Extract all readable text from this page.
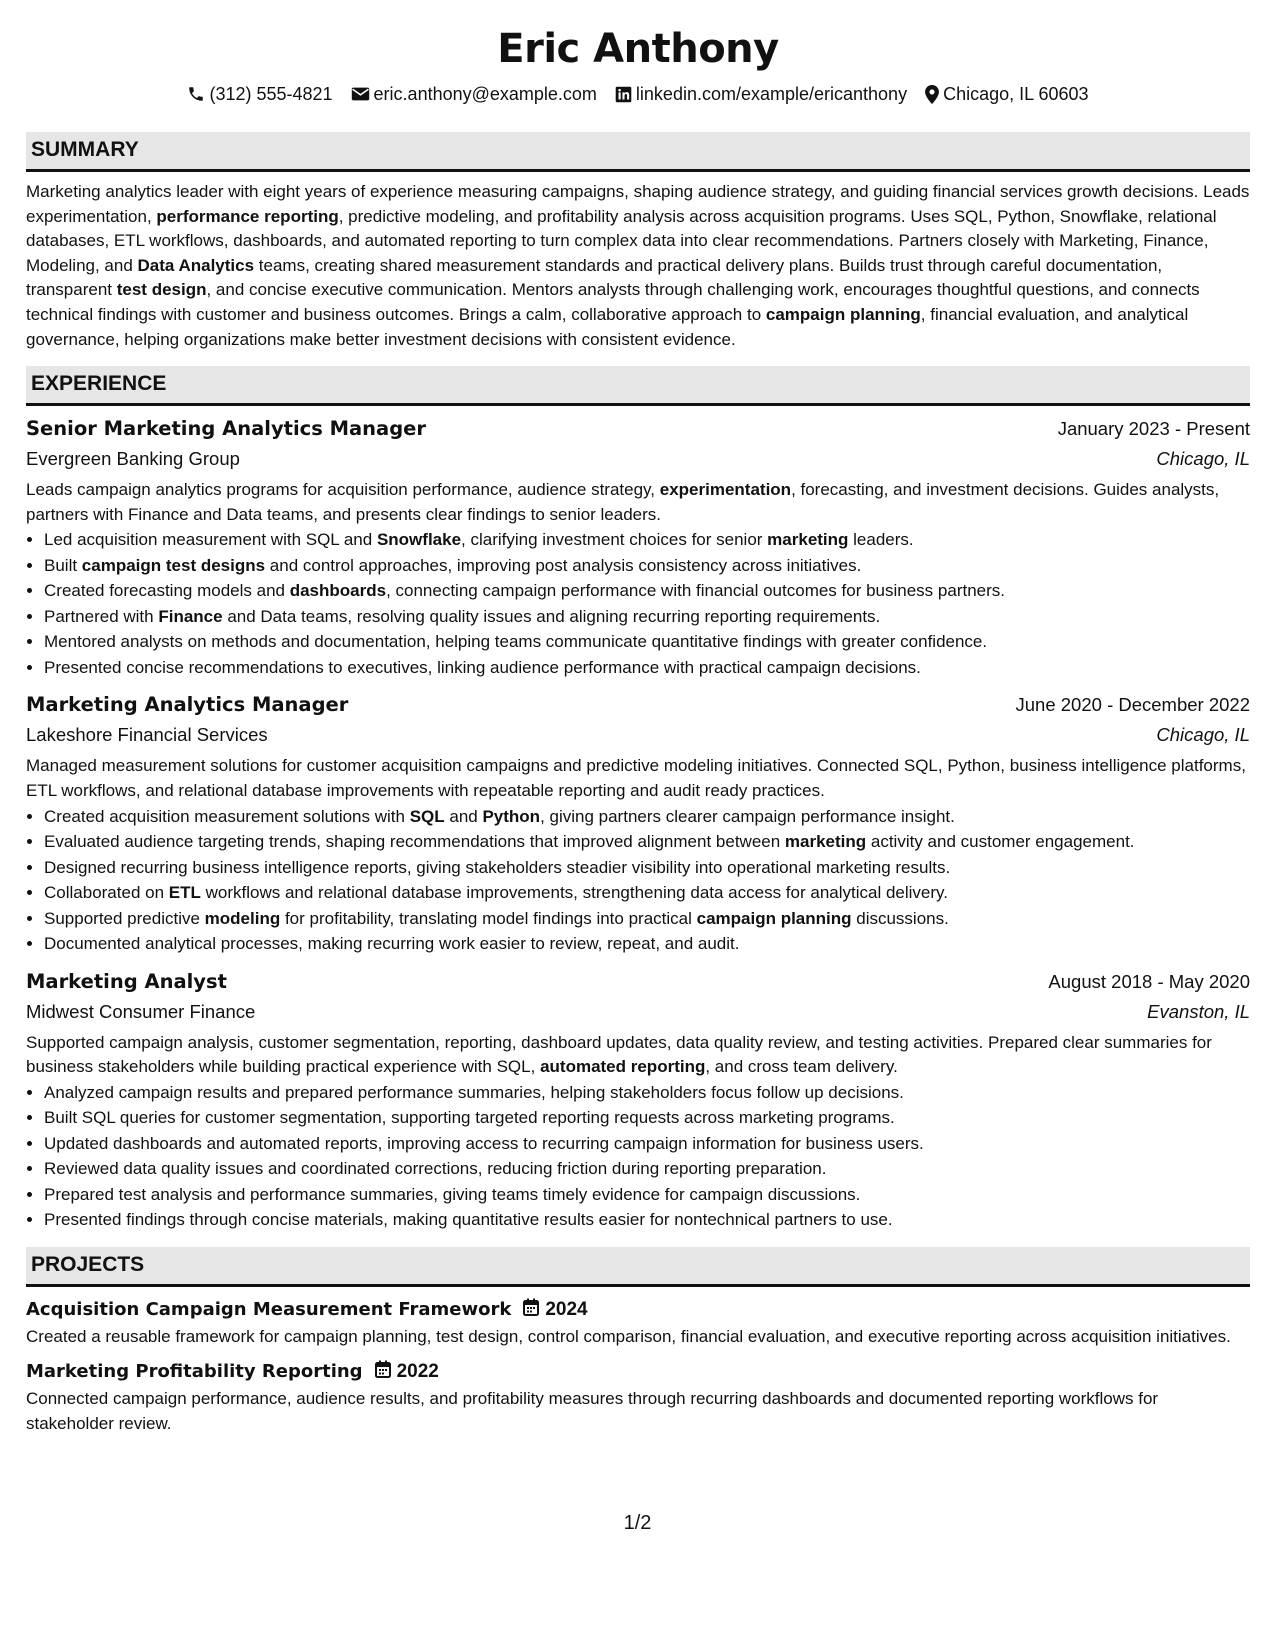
Eric Anthony
(312) 555-4821 eric.anthony@example.com linkedin.com/example/ericanthony Chicago, IL 60603
SUMMARY

Marketing analytics leader with eight years of experience measuring campaigns, shaping audience strategy, and guiding financial services growth decisions. Leads experimentation, performance reporting, predictive modeling, and profitability analysis across acquisition programs. Uses SQL, Python, Snowflake, relational databases, ETL workflows, dashboards, and automated reporting to turn complex data into clear recommendations. Partners closely with Marketing, Finance, Modeling, and Data Analytics teams, creating shared measurement standards and practical delivery plans. Builds trust through careful documentation, transparent test design, and concise executive communication. Mentors analysts through challenging work, encourages thoughtful questions, and connects technical findings with customer and business outcomes. Brings a calm, collaborative approach to campaign planning, financial evaluation, and analytical governance, helping organizations make better investment decisions with consistent evidence.

EXPERIENCE
Senior Marketing Analytics Manager	January 2023 - Present
Evergreen Banking Group	Chicago, IL

Leads campaign analytics programs for acquisition performance, audience strategy, experimentation, forecasting, and investment decisions. Guides analysts, partners with Finance and Data teams, and presents clear findings to senior leaders.

• Led acquisition measurement with SQL and Snowflake, clarifying investment choices for senior marketing leaders.
• Built campaign test designs and control approaches, improving post analysis consistency across initiatives.
• Created forecasting models and dashboards, connecting campaign performance with financial outcomes for business partners.
• Partnered with Finance and Data teams, resolving quality issues and aligning recurring reporting requirements.
• Mentored analysts on methods and documentation, helping teams communicate quantitative findings with greater confidence.
• Presented concise recommendations to executives, linking audience performance with practical campaign decisions.
Marketing Analytics Manager	June 2020 - December 2022
Lakeshore Financial Services	Chicago, IL

Managed measurement solutions for customer acquisition campaigns and predictive modeling initiatives. Connected SQL, Python, business intelligence platforms, ETL workflows, and relational database improvements with repeatable reporting and audit ready practices.

• Created acquisition measurement solutions with SQL and Python, giving partners clearer campaign performance insight.
• Evaluated audience targeting trends, shaping recommendations that improved alignment between marketing activity and customer engagement.
• Designed recurring business intelligence reports, giving stakeholders steadier visibility into operational marketing results.
• Collaborated on ETL workflows and relational database improvements, strengthening data access for analytical delivery.
• Supported predictive modeling for profitability, translating model findings into practical campaign planning discussions.
• Documented analytical processes, making recurring work easier to review, repeat, and audit.
Marketing Analyst	August 2018 - May 2020
Midwest Consumer Finance	Evanston, IL

Supported campaign analysis, customer segmentation, reporting, dashboard updates, data quality review, and testing activities. Prepared clear summaries for business stakeholders while building practical experience with SQL, automated reporting, and cross team delivery.

• Analyzed campaign results and prepared performance summaries, helping stakeholders focus follow up decisions.
• Built SQL queries for customer segmentation, supporting targeted reporting requests across marketing programs.
• Updated dashboards and automated reports, improving access to recurring campaign information for business users.
• Reviewed data quality issues and coordinated corrections, reducing friction during reporting preparation.
• Prepared test analysis and performance summaries, giving teams timely evidence for campaign discussions.
• Presented findings through concise materials, making quantitative results easier for nontechnical partners to use.
PROJECTS
Acquisition Campaign Measurement Framework 2024

Created a reusable framework for campaign planning, test design, control comparison, financial evaluation, and executive reporting across acquisition initiatives.

Marketing Profitability Reporting 2022

Connected campaign performance, audience results, and profitability measures through recurring dashboards and documented reporting workflows for stakeholder review.

1/2
